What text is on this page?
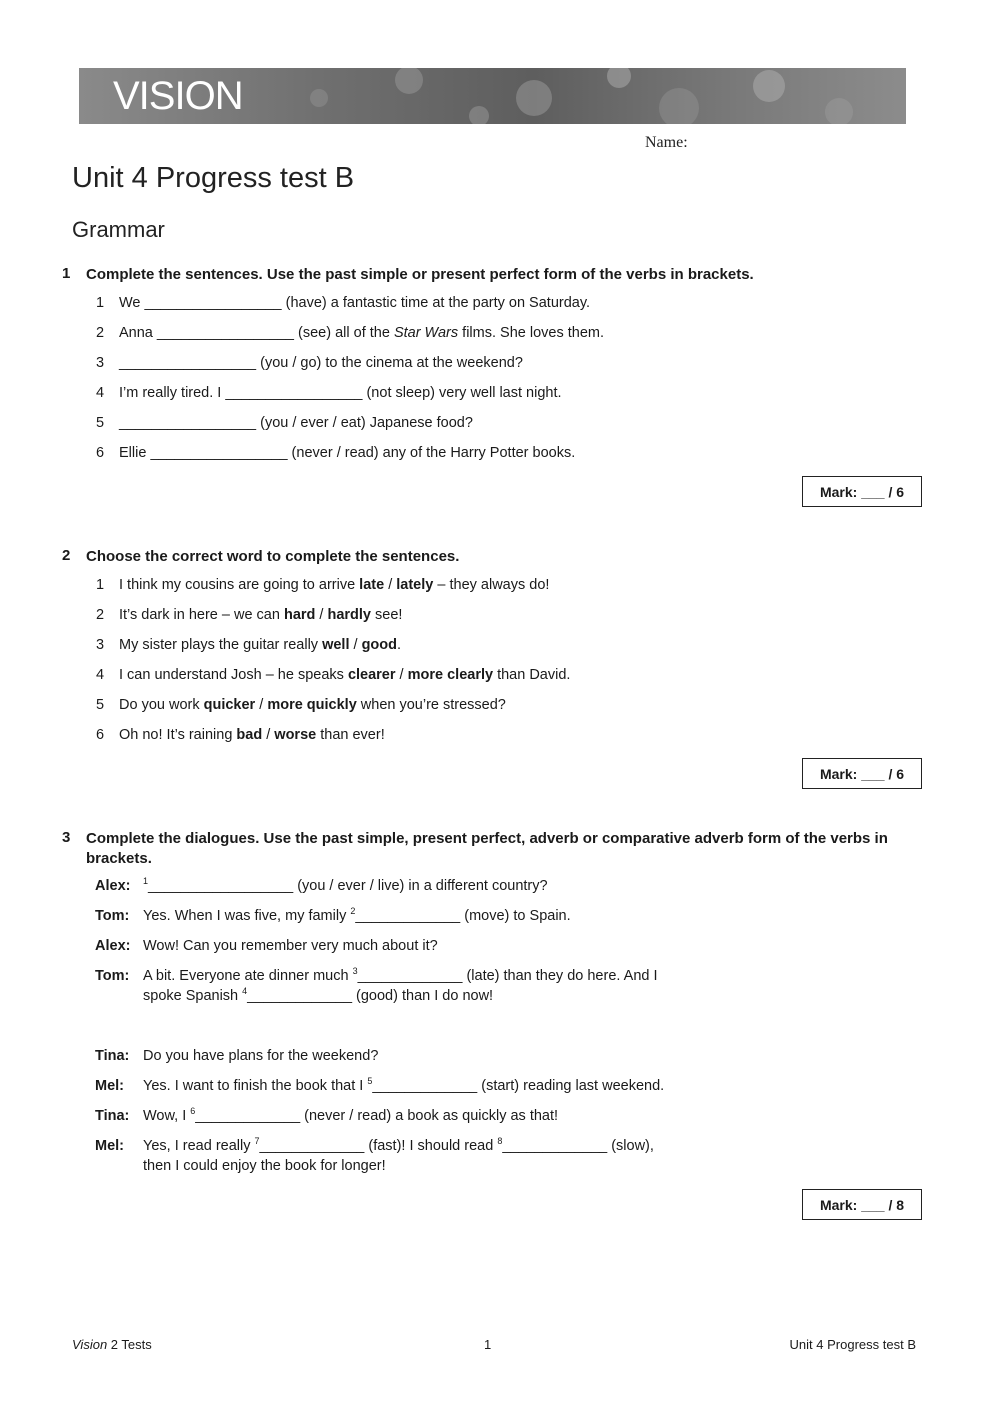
VISION
Name:
Unit 4 Progress test B
Grammar
1 Complete the sentences. Use the past simple or present perfect form of the verbs in brackets.
1 We _________________ (have) a fantastic time at the party on Saturday.
2 Anna _________________ (see) all of the Star Wars films. She loves them.
3 _________________ (you / go) to the cinema at the weekend?
4 I’m really tired. I _________________ (not sleep) very well last night.
5 _________________ (you / ever / eat) Japanese food?
6 Ellie _________________ (never / read) any of the Harry Potter books.
Mark: ___ / 6
2 Choose the correct word to complete the sentences.
1 I think my cousins are going to arrive late / lately – they always do!
2 It’s dark in here – we can hard / hardly see!
3 My sister plays the guitar really well / good.
4 I can understand Josh – he speaks clearer / more clearly than David.
5 Do you work quicker / more quickly when you’re stressed?
6 Oh no! It’s raining bad / worse than ever!
Mark: ___ / 6
3 Complete the dialogues. Use the past simple, present perfect, adverb or comparative adverb form of the verbs in brackets.
Alex: $^1$__________________ (you / ever / live) in a different country?
Tom: Yes. When I was five, my family $^2$_____________ (move) to Spain.
Alex: Wow! Can you remember very much about it?
Tom: A bit. Everyone ate dinner much $^3$_____________ (late) than they do here. And I
spoke Spanish $^4$_____________ (good) than I do now!
Tina: Do you have plans for the weekend?
Mel: Yes. I want to finish the book that I $^5$_____________ (start) reading last weekend.
Tina: Wow, I $^6$_____________ (never / read) a book as quickly as that!
Mel: Yes, I read really $^7$_____________ (fast)! I should read $^8$_____________ (slow),
then I could enjoy the book for longer!
Mark: ___ / 8
Vision 2 Tests	1	Unit 4 Progress test B
